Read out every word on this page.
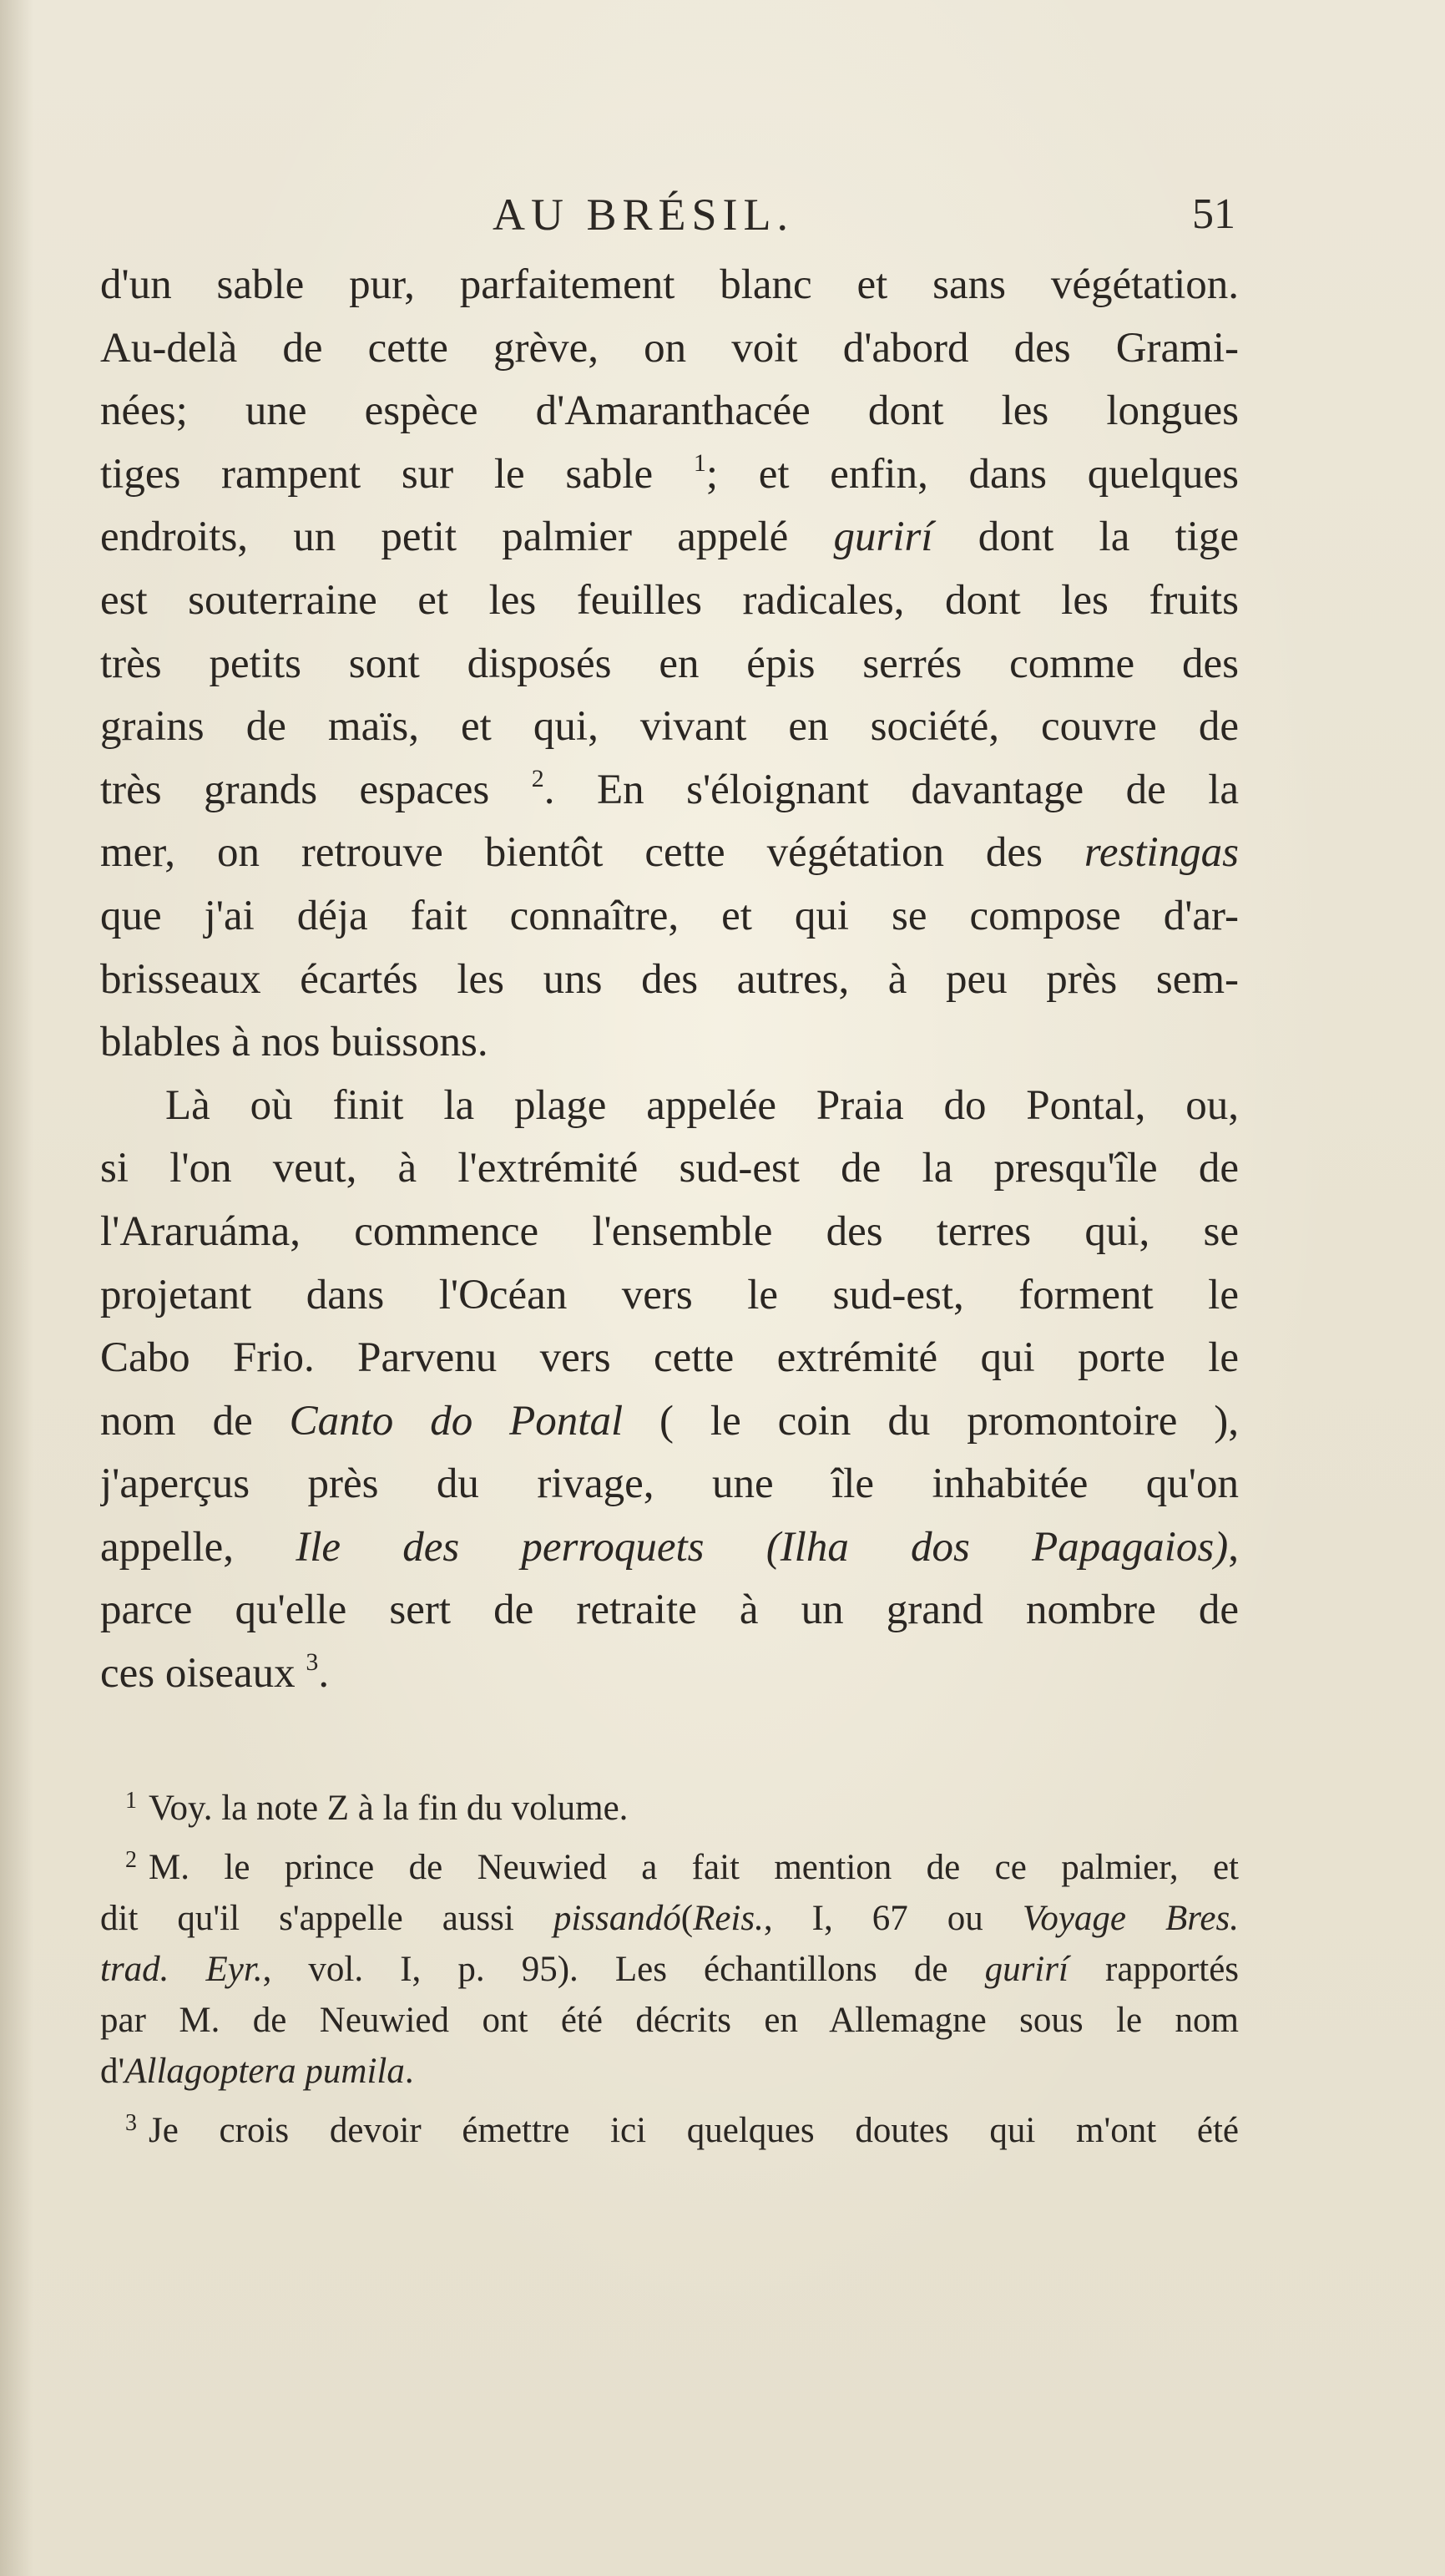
AU BRÉSIL.	51
d'un sable pur, parfaitement blanc et sans végétation.
Au-delà de cette grève, on voit d'abord des Grami-
nées; une espèce d'Amaranthacée dont les longues
tiges rampent sur le sable $^1$; et enfin, dans quelques
endroits, un petit palmier appelé gurirí dont la tige
est souterraine et les feuilles radicales, dont les fruits
très petits sont disposés en épis serrés comme des
grains de maïs, et qui, vivant en société, couvre de
très grands espaces $^2$. En s'éloignant davantage de la
mer, on retrouve bientôt cette végétation des restingas
que j'ai déja fait connaître, et qui se compose d'ar-
brisseaux écartés les uns des autres, à peu près sem-
blables à nos buissons.
Là où finit la plage appelée Praia do Pontal, ou,
si l'on veut, à l'extrémité sud-est de la presqu'île de
l'Araruáma, commence l'ensemble des terres qui, se
projetant dans l'Océan vers le sud-est, forment le
Cabo Frio. Parvenu vers cette extrémité qui porte le
nom de Canto do Pontal ( le coin du promontoire ),
j'aperçus près du rivage, une île inhabitée qu'on
appelle, Ile des perroquets (Ilha dos Papagaios),
parce qu'elle sert de retraite à un grand nombre de
ces oiseaux $^3$.
$^1$ Voy. la note Z à la fin du volume.
$^2$ M. le prince de Neuwied a fait mention de ce palmier, et
dit qu'il s'appelle aussi pissandó(Reis., I, 67 ou Voyage Bres.
trad. Eyr., vol. I, p. 95). Les échantillons de gurirí rapportés
par M. de Neuwied ont été décrits en Allemagne sous le nom
d'Allagoptera pumila.
$^3$ Je crois devoir émettre ici quelques doutes qui m'ont été
